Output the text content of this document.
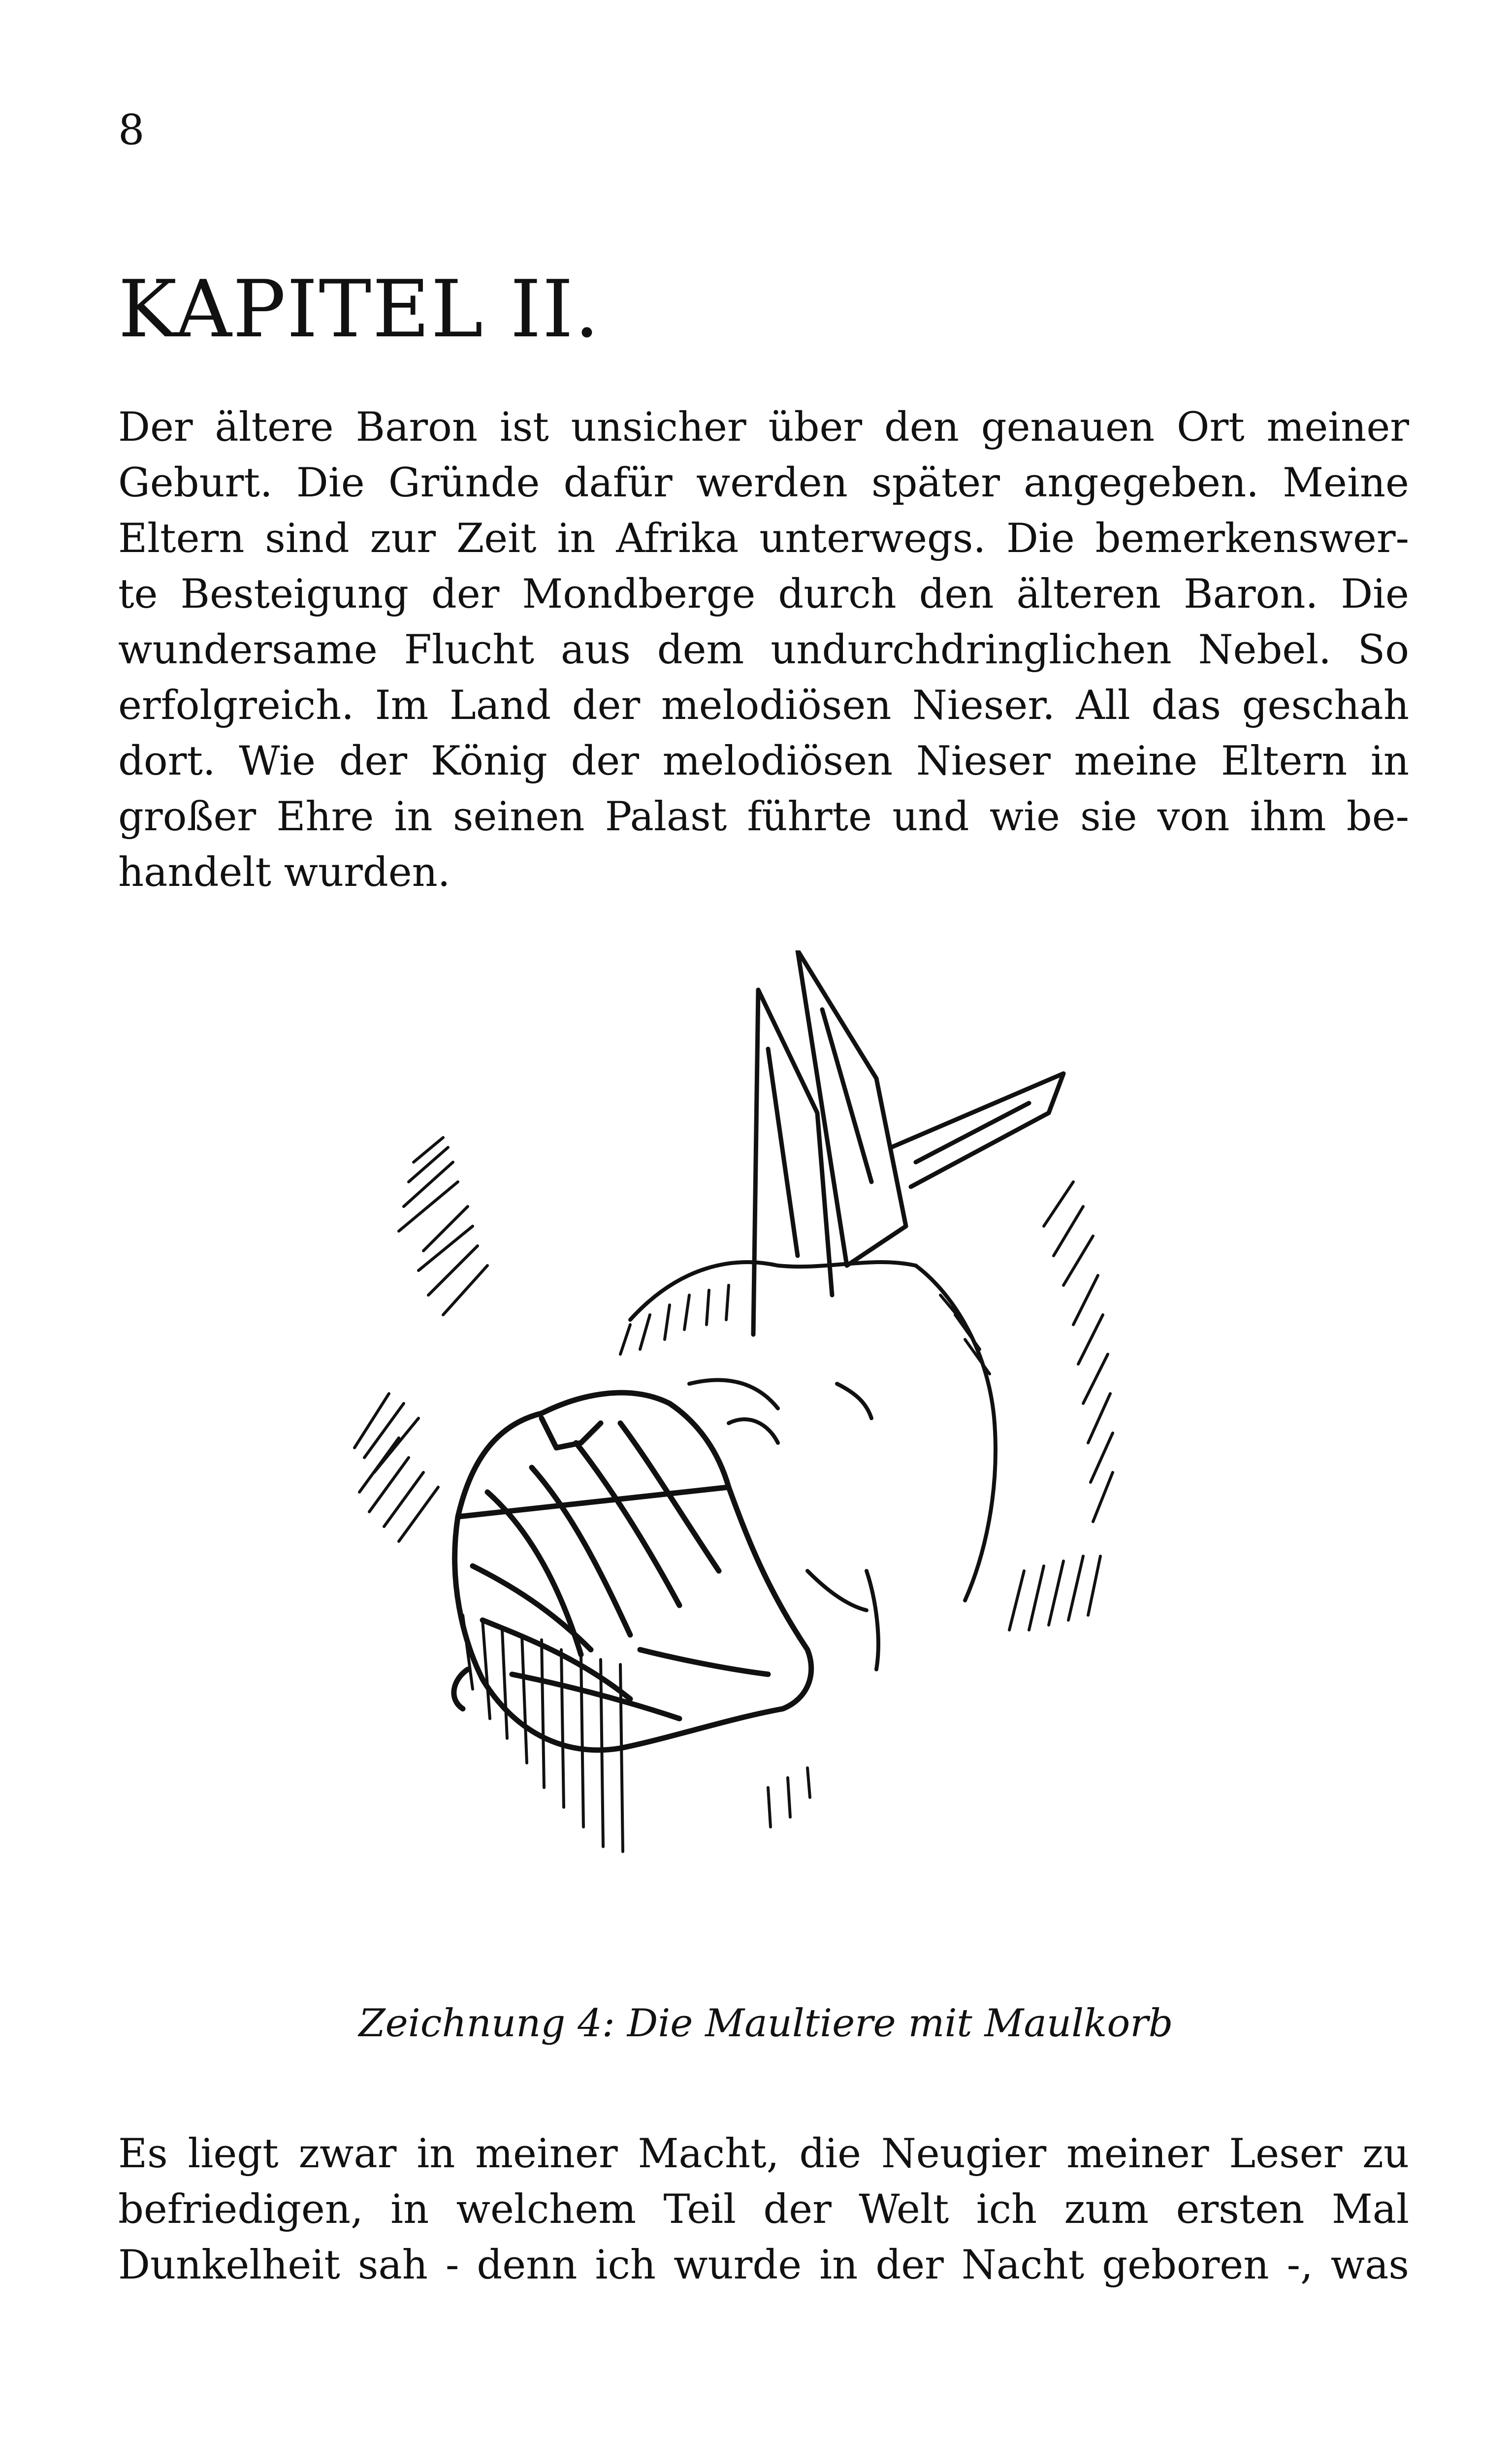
8
KAPITEL II.
Der ältere Baron ist unsicher über den genauen Ort meiner
Geburt. Die Gründe dafür werden später angegeben. Meine
Eltern sind zur Zeit in Afrika unterwegs. Die bemerkenswer-
te Besteigung der Mondberge durch den älteren Baron. Die
wundersame Flucht aus dem undurchdringlichen Nebel. So
erfolgreich. Im Land der melodiösen Nieser. All das geschah
dort. Wie der König der melodiösen Nieser meine Eltern in
großer Ehre in seinen Palast führte und wie sie von ihm be-
handelt wurden.
Zeichnung 4: Die Maultiere mit Maulkorb
Es liegt zwar in meiner Macht, die Neugier meiner Leser zu
befriedigen, in welchem Teil der Welt ich zum ersten Mal
Dunkelheit sah - denn ich wurde in der Nacht geboren -, was
